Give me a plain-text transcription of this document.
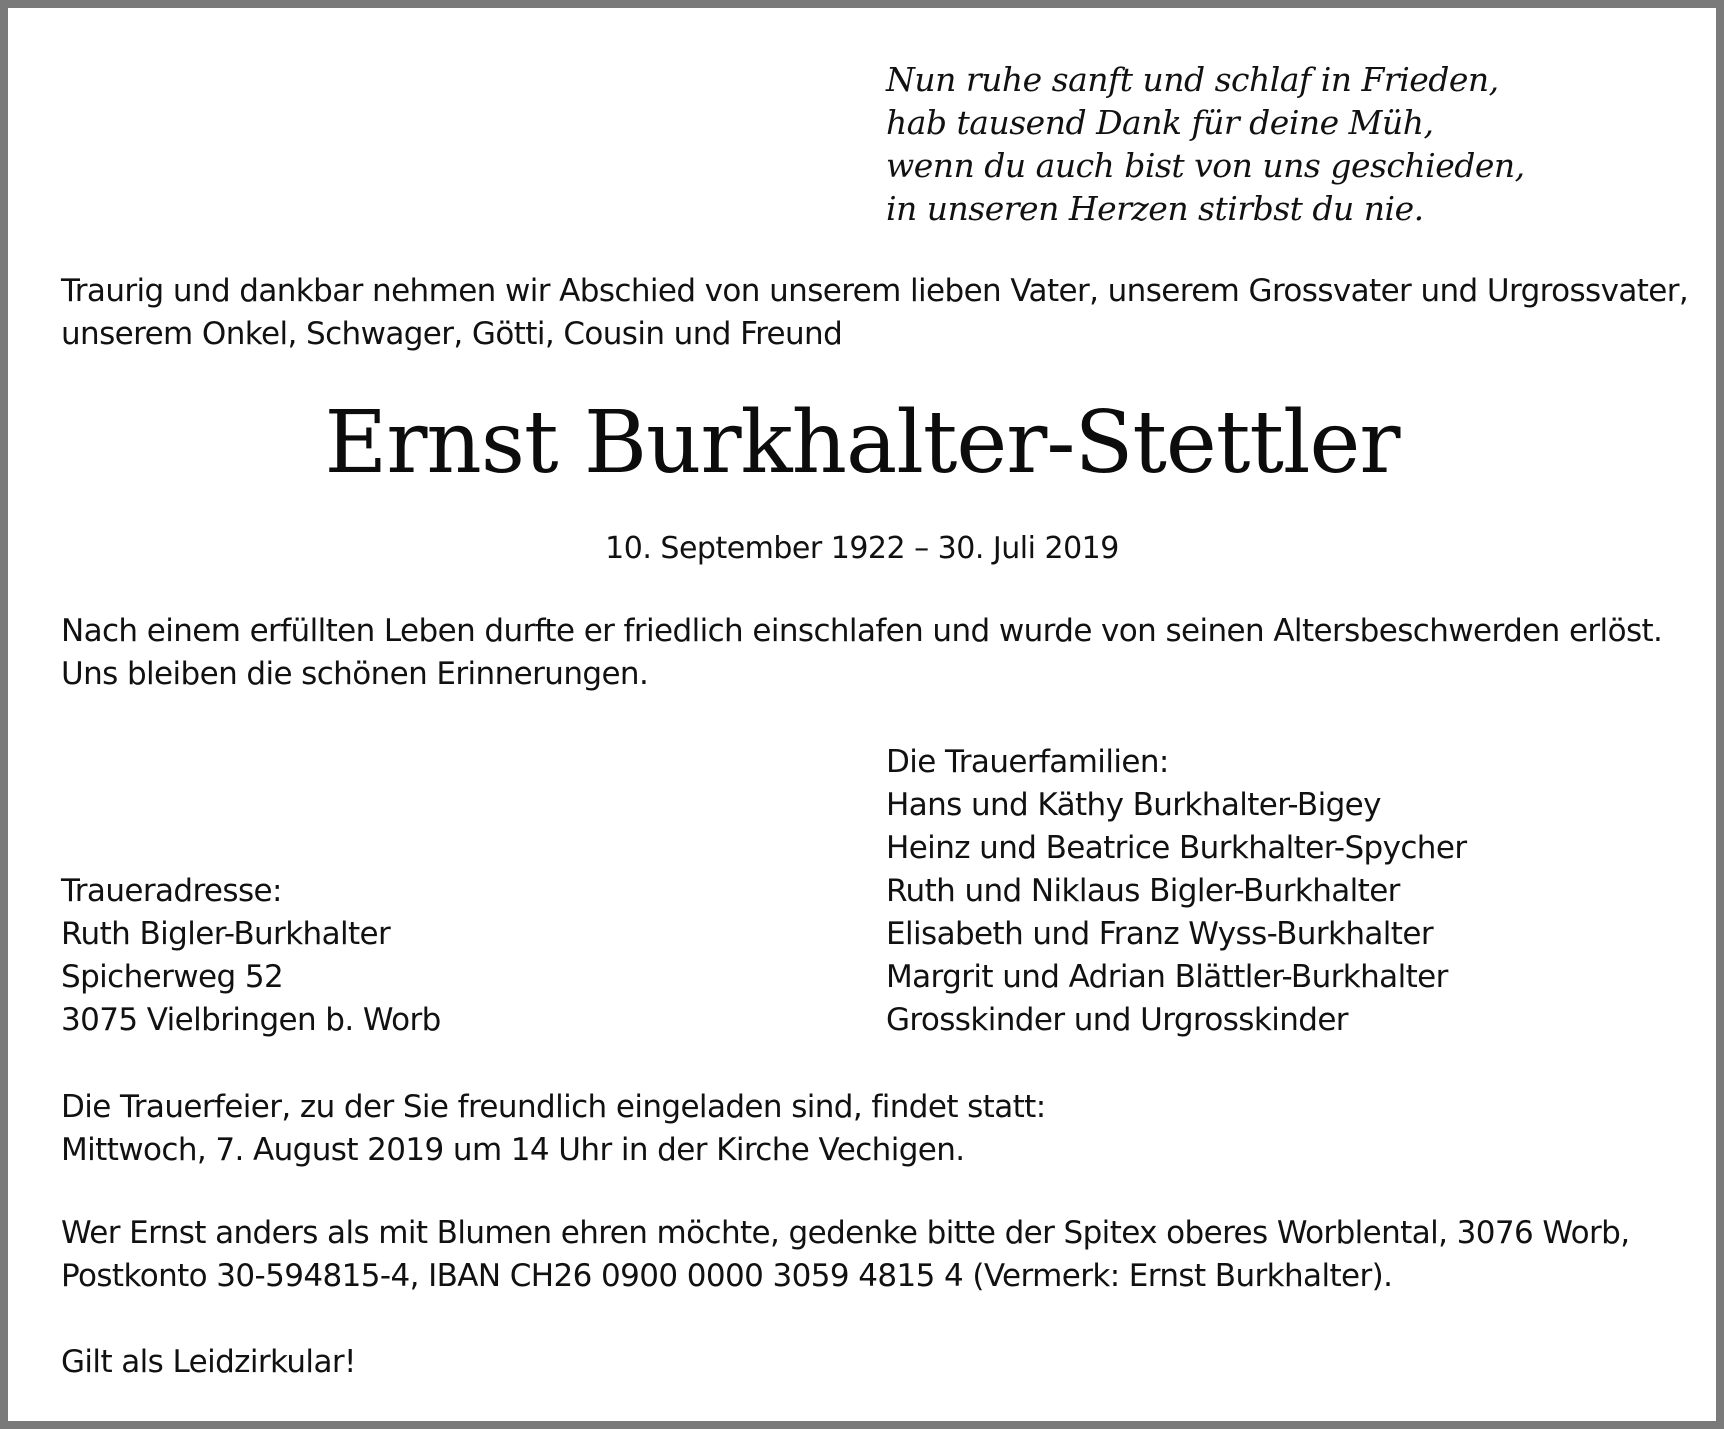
Nun ruhe sanft und schlaf in Frieden,
hab tausend Dank für deine Müh,
wenn du auch bist von uns geschieden,
in unseren Herzen stirbst du nie.
Traurig und dankbar nehmen wir Abschied von unserem lieben Vater, unserem Grossvater und Urgrossvater,
unserem Onkel, Schwager, Götti, Cousin und Freund
Ernst Burkhalter-Stettler
10. September 1922 – 30. Juli 2019
Nach einem erfüllten Leben durfte er friedlich einschlafen und wurde von seinen Altersbeschwerden erlöst.
Uns bleiben die schönen Erinnerungen.
Die Trauerfamilien:
Hans und Käthy Burkhalter-Bigey
Heinz und Beatrice Burkhalter-Spycher
Ruth und Niklaus Bigler-Burkhalter
Elisabeth und Franz Wyss-Burkhalter
Margrit und Adrian Blättler-Burkhalter
Grosskinder und Urgrosskinder
Traueradresse:
Ruth Bigler-Burkhalter
Spicherweg 52
3075 Vielbringen b. Worb
Die Trauerfeier, zu der Sie freundlich eingeladen sind, findet statt:
Mittwoch, 7. August 2019 um 14 Uhr in der Kirche Vechigen.
Wer Ernst anders als mit Blumen ehren möchte, gedenke bitte der Spitex oberes Worblental, 3076 Worb,
Postkonto 30-594815-4, IBAN CH26 0900 0000 3059 4815 4 (Vermerk: Ernst Burkhalter).
Gilt als Leidzirkular!
